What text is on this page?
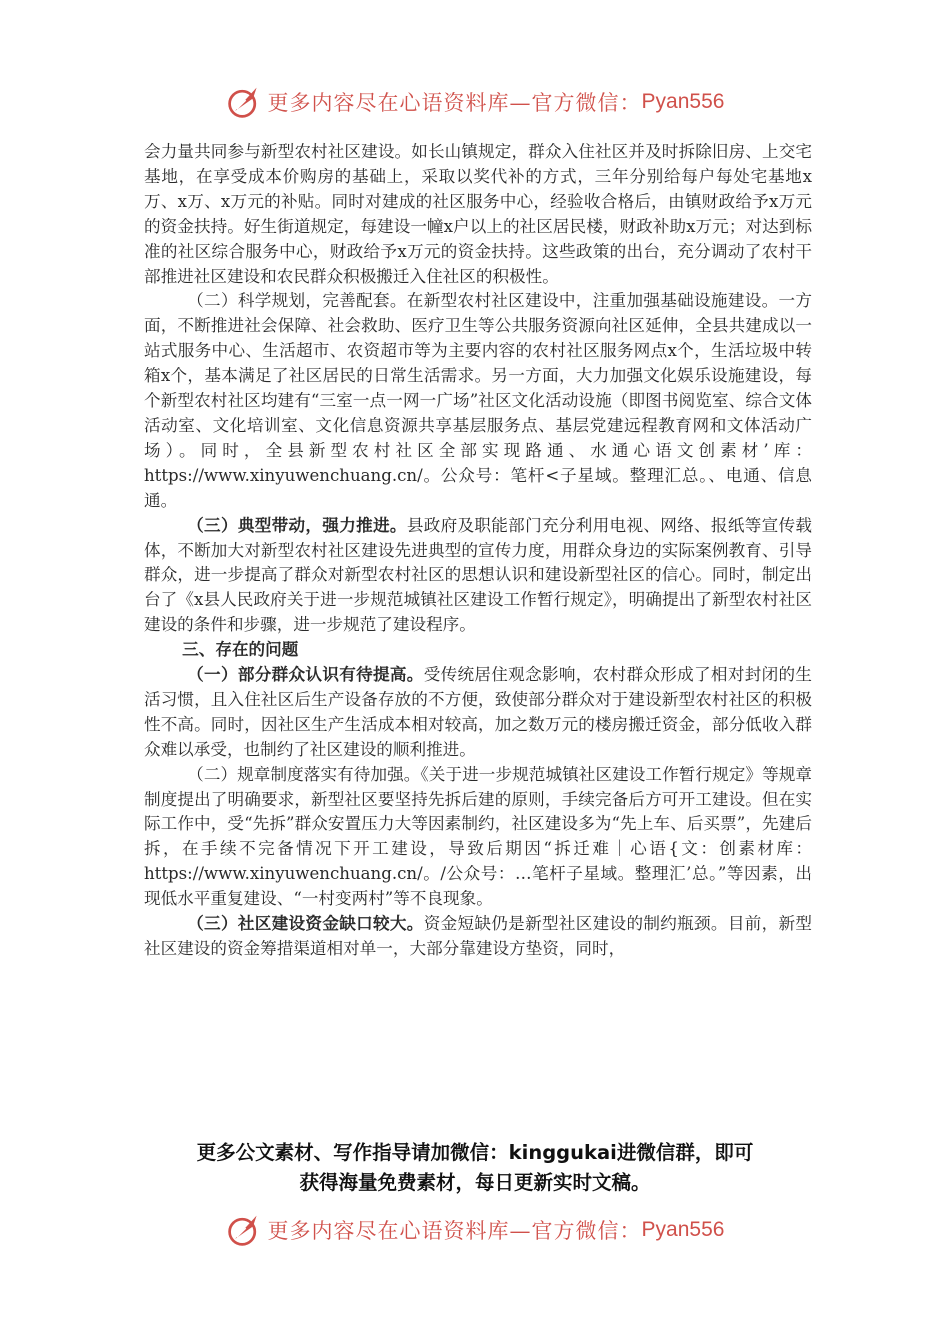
更多内容尽在心语资料库—官方微信： Pyan556

会力量共同参与新型农村社区建设。如长山镇规定，群众入住社区并及时拆除旧房、上交宅基地，在享受成本价购房的基础上，采取以奖代补的方式，三年分别给每户每处宅基地x万、x万、x万元的补贴。同时对建成的社区服务中心，经验收合格后，由镇财政给予x万元的资金扶持。好生街道规定，每建设一幢x户以上的社区居民楼，财政补助x万元；对达到标准的社区综合服务中心，财政给予x万元的资金扶持。这些政策的出台，充分调动了农村干部推进社区建设和农民群众积极搬迁入住社区的积极性。

（二）科学规划，完善配套。在新型农村社区建设中，注重加强基础设施建设。一方面，不断推进社会保障、社会救助、医疗卫生等公共服务资源向社区延伸，全县共建成以一站式服务中心、生活超市、农资超市等为主要内容的农村社区服务网点x个，生活垃圾中转箱x个，基本满足了社区居民的日常生活需求。另一方面，大力加强文化娱乐设施建设，每个新型农村社区均建有“三室一点一网一广场”社区文化活动设施（即图书阅览室、综合文体活动室、文化培训室、文化信息资源共享基层服务点、基层党建远程教育网和文体活动广场）。同时，全县新型农村社区全部实现路通、水通心语文创素材’库：https://www.xinyuwenchuang.cn/。公众号：笔杆<子星域。整理汇总。、电通、信息通。

（三）典型带动，强力推进。县政府及职能部门充分利用电视、网络、报纸等宣传载体，不断加大对新型农村社区建设先进典型的宣传力度，用群众身边的实际案例教育、引导群众，进一步提高了群众对新型农村社区的思想认识和建设新型社区的信心。同时，制定出台了《x县人民政府关于进一步规范城镇社区建设工作暂行规定》，明确提出了新型农村社区建设的条件和步骤，进一步规范了建设程序。

三、存在的问题

（一）部分群众认识有待提高。受传统居住观念影响，农村群众形成了相对封闭的生活习惯，且入住社区后生产设备存放的不方便，致使部分群众对于建设新型农村社区的积极性不高。同时，因社区生产生活成本相对较高，加之数万元的楼房搬迁资金，部分低收入群众难以承受，也制约了社区建设的顺利推进。

（二）规章制度落实有待加强。《关于进一步规范城镇社区建设工作暂行规定》等规章制度提出了明确要求，新型社区要坚持先拆后建的原则，手续完备后方可开工建设。但在实际工作中，受“先拆”群众安置压力大等因素制约，社区建设多为“先上车、后买票”，先建后拆，在手续不完备情况下开工建设，导致后期因“拆迁难｜心语{文：创素材库：https://www.xinyuwenchuang.cn/。/公众号：…笔杆子星域。整理汇’总。”等因素，出现低水平重复建设、“一村变两村”等不良现象。

（三）社区建设资金缺口较大。资金短缺仍是新型社区建设的制约瓶颈。目前，新型社区建设的资金筹措渠道相对单一，大部分靠建设方垫资，同时，

更多公文素材、写作指导请加微信：kinggukai进微信群，即可
获得海量免费素材，每日更新实时文稿。
更多内容尽在心语资料库—官方微信： Pyan556
